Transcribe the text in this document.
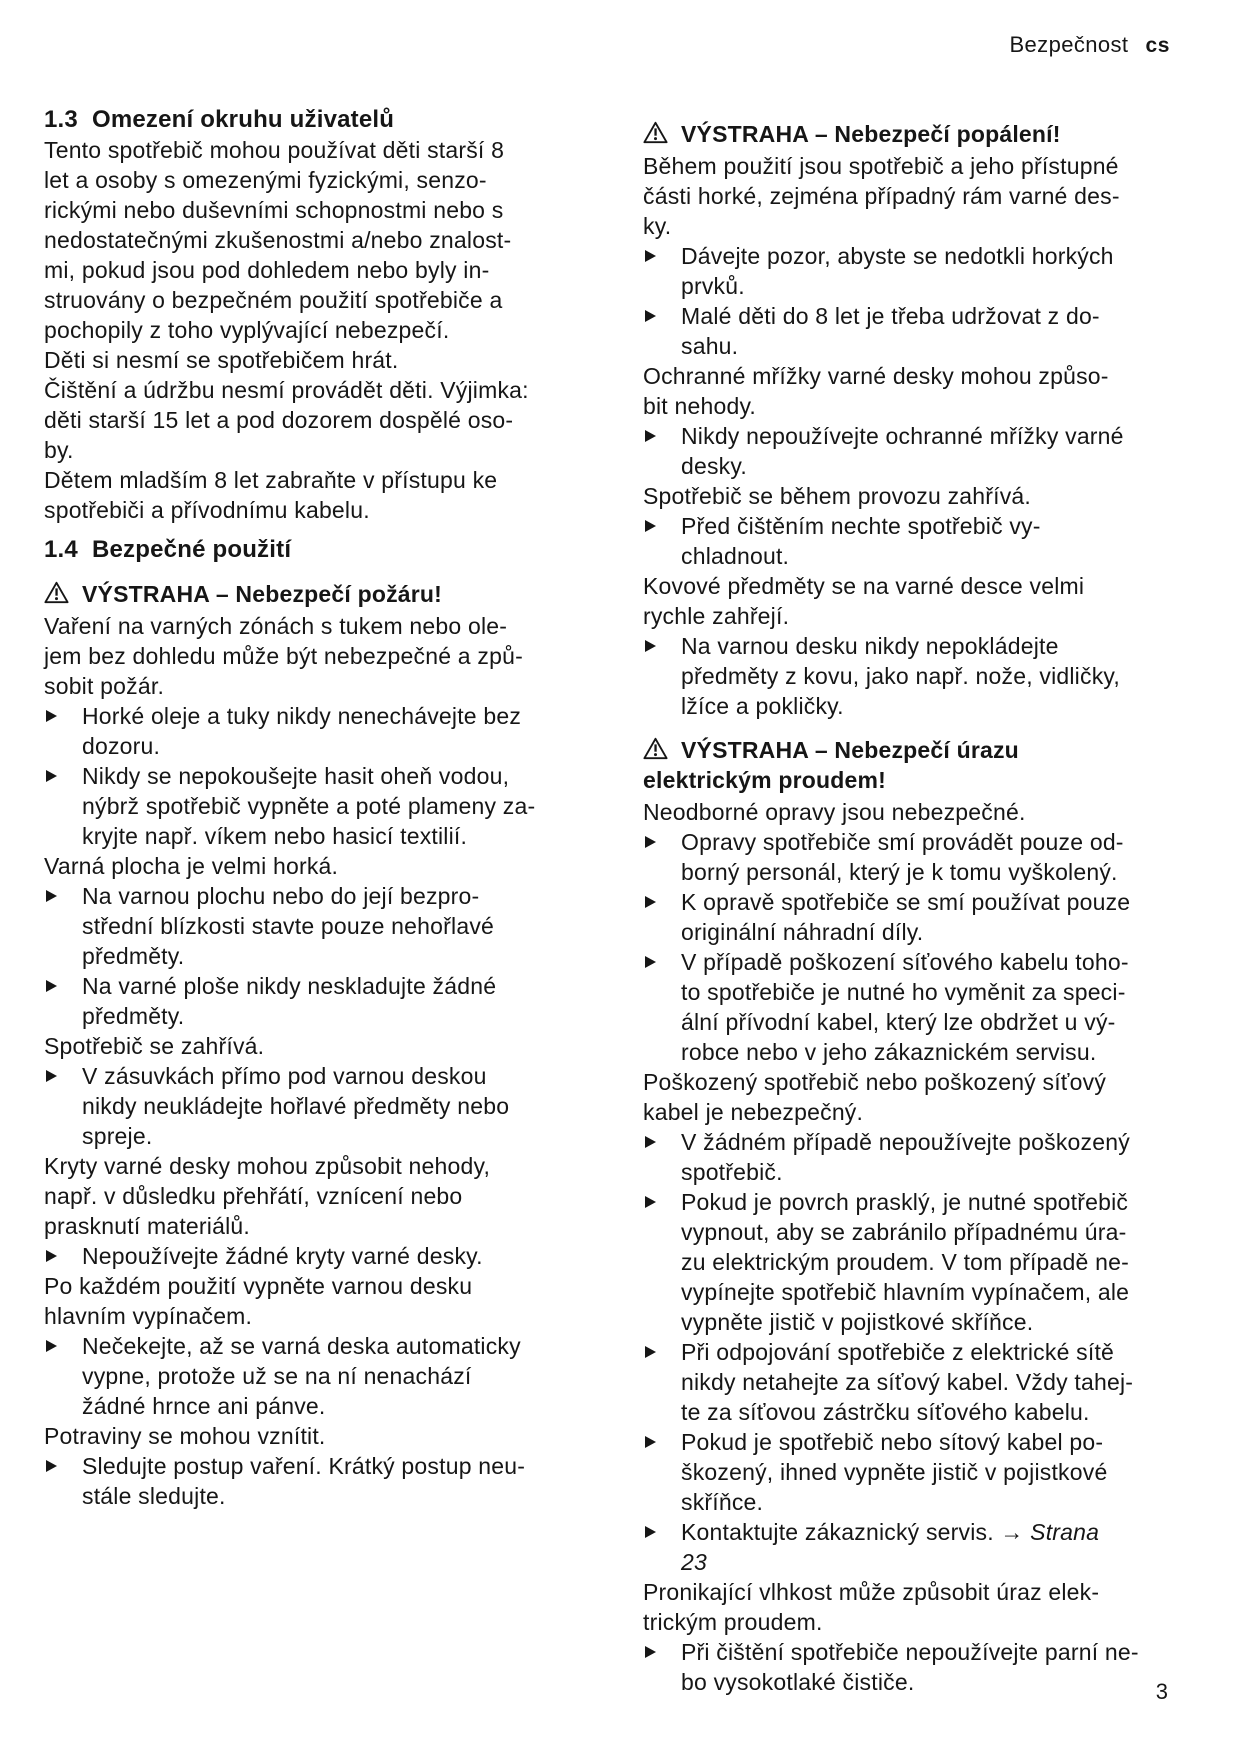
Bezpečnost cs
1.3 Omezení okruhu uživatelů
Tento spotřebič mohou používat děti starší 8
let a osoby s omezenými fyzickými, senzo-
rickými nebo duševními schopnostmi nebo s
nedostatečnými zkušenostmi a/nebo znalost-
mi, pokud jsou pod dohledem nebo byly in-
struovány o bezpečném použití spotřebiče a
pochopily z toho vyplývající nebezpečí.
Děti si nesmí se spotřebičem hrát.
Čištění a údržbu nesmí provádět děti. Výjimka:
děti starší 15 let a pod dozorem dospělé oso-
by.
Dětem mladším 8 let zabraňte v přístupu ke
spotřebiči a přívodnímu kabelu.
1.4 Bezpečné použití
VÝSTRAHA – Nebezpečí požáru!
Vaření na varných zónách s tukem nebo ole-
jem bez dohledu může být nebezpečné a způ-
sobit požár.
Horké oleje a tuky nikdy nenechávejte bez
dozoru.
Nikdy se nepokoušejte hasit oheň vodou,
nýbrž spotřebič vypněte a poté plameny za-
kryjte např. víkem nebo hasicí textilií.
Varná plocha je velmi horká.
Na varnou plochu nebo do její bezpro-
střední blízkosti stavte pouze nehořlavé
předměty.
Na varné ploše nikdy neskladujte žádné
předměty.
Spotřebič se zahřívá.
V zásuvkách přímo pod varnou deskou
nikdy neukládejte hořlavé předměty nebo
spreje.
Kryty varné desky mohou způsobit nehody,
např. v důsledku přehřátí, vznícení nebo
prasknutí materiálů.
Nepoužívejte žádné kryty varné desky.
Po každém použití vypněte varnou desku
hlavním vypínačem.
Nečekejte, až se varná deska automaticky
vypne, protože už se na ní nenachází
žádné hrnce ani pánve.
Potraviny se mohou vznítit.
Sledujte postup vaření. Krátký postup neu-
stále sledujte.
VÝSTRAHA – Nebezpečí popálení!
Během použití jsou spotřebič a jeho přístupné
části horké, zejména případný rám varné des-
ky.
Dávejte pozor, abyste se nedotkli horkých
prvků.
Malé děti do 8 let je třeba udržovat z do-
sahu.
Ochranné mřížky varné desky mohou způso-
bit nehody.
Nikdy nepoužívejte ochranné mřížky varné
desky.
Spotřebič se během provozu zahřívá.
Před čištěním nechte spotřebič vy-
chladnout.
Kovové předměty se na varné desce velmi
rychle zahřejí.
Na varnou desku nikdy nepokládejte
předměty z kovu, jako např. nože, vidličky,
lžíce a pokličky.
VÝSTRAHA – Nebezpečí úrazu
elektrickým proudem!
Neodborné opravy jsou nebezpečné.
Opravy spotřebiče smí provádět pouze od-
borný personál, který je k tomu vyškolený.
K opravě spotřebiče se smí používat pouze
originální náhradní díly.
V případě poškození síťového kabelu toho-
to spotřebiče je nutné ho vyměnit za speci-
ální přívodní kabel, který lze obdržet u vý-
robce nebo v jeho zákaznickém servisu.
Poškozený spotřebič nebo poškozený síťový
kabel je nebezpečný.
V žádném případě nepoužívejte poškozený
spotřebič.
Pokud je povrch prasklý, je nutné spotřebič
vypnout, aby se zabránilo případnému úra-
zu elektrickým proudem. V tom případě ne-
vypínejte spotřebič hlavním vypínačem, ale
vypněte jistič v pojistkové skříňce.
Při odpojování spotřebiče z elektrické sítě
nikdy netahejte za síťový kabel. Vždy tahej-
te za síťovou zástrčku síťového kabelu.
Pokud je spotřebič nebo sítový kabel po-
škozený, ihned vypněte jistič v pojistkové
skříňce.
Kontaktujte zákaznický servis. → Strana
23
Pronikající vlhkost může způsobit úraz elek-
trickým proudem.
Při čištění spotřebiče nepoužívejte parní ne-
bo vysokotlaké čističe.	3
